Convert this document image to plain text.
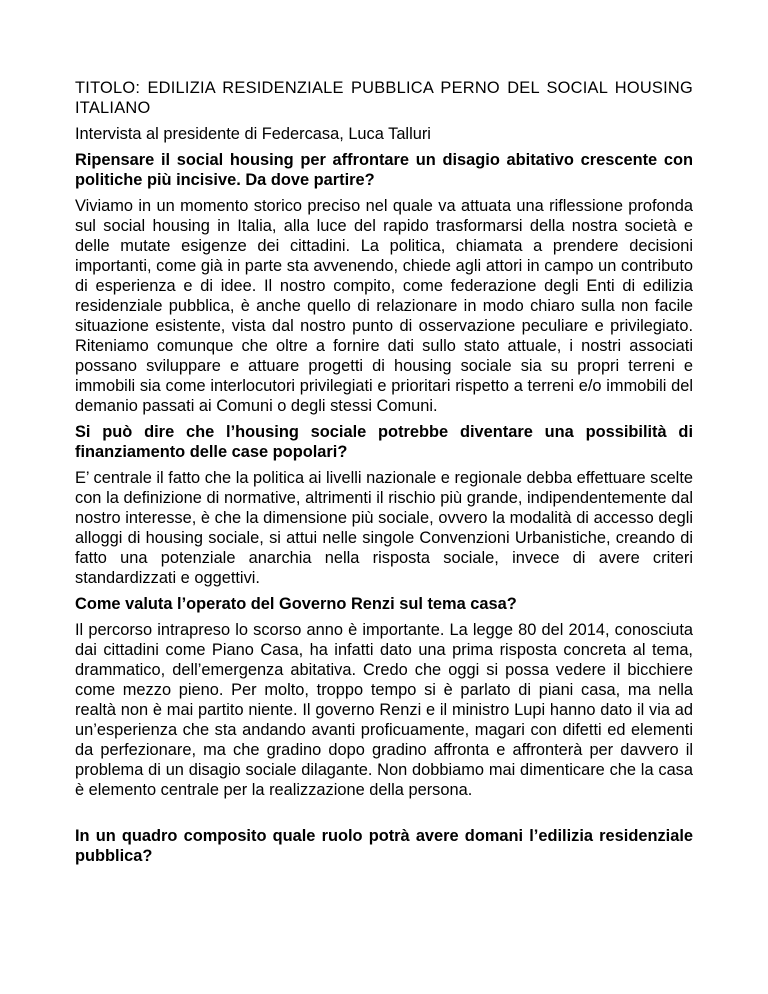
TITOLO: EDILIZIA RESIDENZIALE PUBBLICA PERNO DEL SOCIAL HOUSING ITALIANO

Intervista al presidente di Federcasa, Luca Talluri

Ripensare il social housing per affrontare un disagio abitativo crescente con politiche più incisive. Da dove partire?

Viviamo in un momento storico preciso nel quale va attuata una riflessione profonda sul social housing in Italia, alla luce del rapido trasformarsi della nostra società e delle mutate esigenze dei cittadini. La politica, chiamata a prendere decisioni importanti, come già in parte sta avvenendo, chiede agli attori in campo un contributo di esperienza e di idee. Il nostro compito, come federazione degli Enti di edilizia residenziale pubblica, è anche quello di relazionare in modo chiaro sulla non facile situazione esistente, vista dal nostro punto di osservazione peculiare e privilegiato. Riteniamo comunque che oltre a fornire dati sullo stato attuale, i nostri associati possano sviluppare e attuare progetti di housing sociale sia su propri terreni e immobili sia come interlocutori privilegiati e prioritari rispetto a terreni e/o immobili del demanio passati ai Comuni o degli stessi Comuni.

Si può dire che l’housing sociale potrebbe diventare una possibilità di finanziamento delle case popolari?

E’ centrale il fatto che la politica ai livelli nazionale e regionale debba effettuare scelte con la definizione di normative, altrimenti il rischio più grande, indipendentemente dal nostro interesse, è che la dimensione più sociale, ovvero la modalità di accesso degli alloggi di housing sociale, si attui nelle singole Convenzioni Urbanistiche, creando di fatto una potenziale anarchia nella risposta sociale, invece di avere criteri standardizzati e oggettivi.

Come valuta l’operato del Governo Renzi sul tema casa?

Il percorso intrapreso lo scorso anno è importante. La legge 80 del 2014, conosciuta dai cittadini come Piano Casa, ha infatti dato una prima risposta concreta al tema, drammatico, dell’emergenza abitativa. Credo che oggi si possa vedere il bicchiere come mezzo pieno. Per molto, troppo tempo si è parlato di piani casa, ma nella realtà non è mai partito niente. Il governo Renzi e il ministro Lupi hanno dato il via ad un’esperienza che sta andando avanti proficuamente, magari con difetti ed elementi da perfezionare, ma che gradino dopo gradino affronta e affronterà per davvero il problema di un disagio sociale dilagante. Non dobbiamo mai dimenticare che la casa è elemento centrale per la realizzazione della persona.

In un quadro composito quale ruolo potrà avere domani l’edilizia residenziale pubblica?
